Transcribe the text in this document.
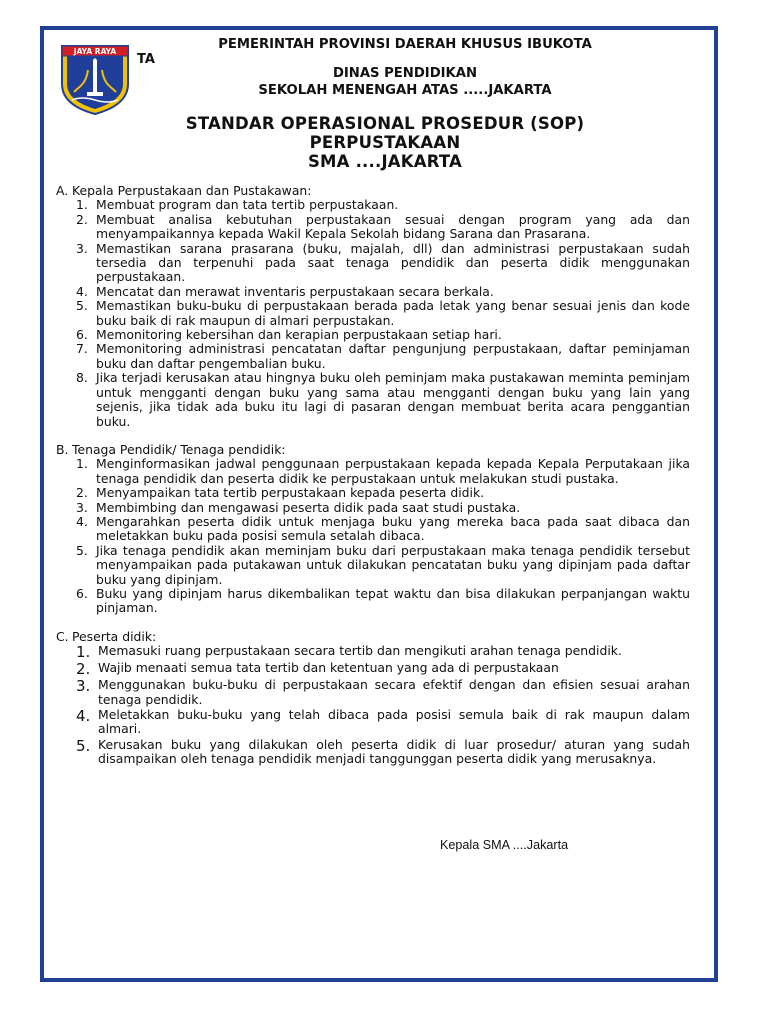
JAYA RAYA
TA
PEMERINTAH PROVINSI DAERAH KHUSUS IBUKOTA
DINAS PENDIDIKAN
SEKOLAH MENENGAH ATAS .....JAKARTA
STANDAR OPERASIONAL PROSEDUR (SOP)
PERPUSTAKAAN
SMA ....JAKARTA
A. Kepala Perpustakaan dan Pustakawan:
1. Membuat program dan tata tertib perpustakaan.
2. Membuat analisa kebutuhan perpustakaan sesuai dengan program yang ada dan menyampaikannya kepada Wakil Kepala Sekolah bidang Sarana dan Prasarana.
3. Memastikan sarana prasarana (buku, majalah, dll) dan administrasi perpustakaan sudah tersedia dan terpenuhi pada saat tenaga pendidik dan peserta didik menggunakan perpustakaan.
4. Mencatat dan merawat inventaris perpustakaan secara berkala.
5. Memastikan buku-buku di perpustakaan berada pada letak yang benar sesuai jenis dan kode buku baik di rak maupun di almari perpustakan.
6. Memonitoring kebersihan dan kerapian perpustakaan setiap hari.
7. Memonitoring administrasi pencatatan daftar pengunjung perpustakaan, daftar peminjaman buku dan daftar pengembalian buku.
8. Jika terjadi kerusakan atau hingnya buku oleh peminjam maka pustakawan meminta peminjam untuk mengganti dengan buku yang sama atau mengganti dengan buku yang lain yang sejenis, jika tidak ada buku itu lagi di pasaran dengan membuat berita acara penggantian buku.
B. Tenaga Pendidik/ Tenaga pendidik:
1. Menginformasikan jadwal penggunaan perpustakaan kepada kepada Kepala Perputakaan jika tenaga pendidik dan peserta didik ke perpustakaan untuk melakukan studi pustaka.
2. Menyampaikan tata tertib perpustakaan kepada peserta didik.
3. Membimbing dan mengawasi peserta didik pada saat studi pustaka.
4. Mengarahkan peserta didik untuk menjaga buku yang mereka baca pada saat dibaca dan meletakkan buku pada posisi semula setalah dibaca.
5. Jika tenaga pendidik akan meminjam buku dari perpustakaan maka tenaga pendidik tersebut menyampaikan pada putakawan untuk dilakukan pencatatan buku yang dipinjam pada daftar buku yang dipinjam.
6. Buku yang dipinjam harus dikembalikan tepat waktu dan bisa dilakukan perpanjangan waktu pinjaman.
C. Peserta didik:
1. Memasuki ruang perpustakaan secara tertib dan mengikuti arahan tenaga pendidik.
2. Wajib menaati semua tata tertib dan ketentuan yang ada di perpustakaan
3. Menggunakan buku-buku di perpustakaan secara efektif dengan dan efisien sesuai arahan tenaga pendidik.
4. Meletakkan buku-buku yang telah dibaca pada posisi semula baik di rak maupun dalam almari.
5. Kerusakan buku yang dilakukan oleh peserta didik di luar prosedur/ aturan yang sudah disampaikan oleh tenaga pendidik menjadi tanggunggan peserta didik yang merusaknya.
Kepala SMA ....Jakarta
